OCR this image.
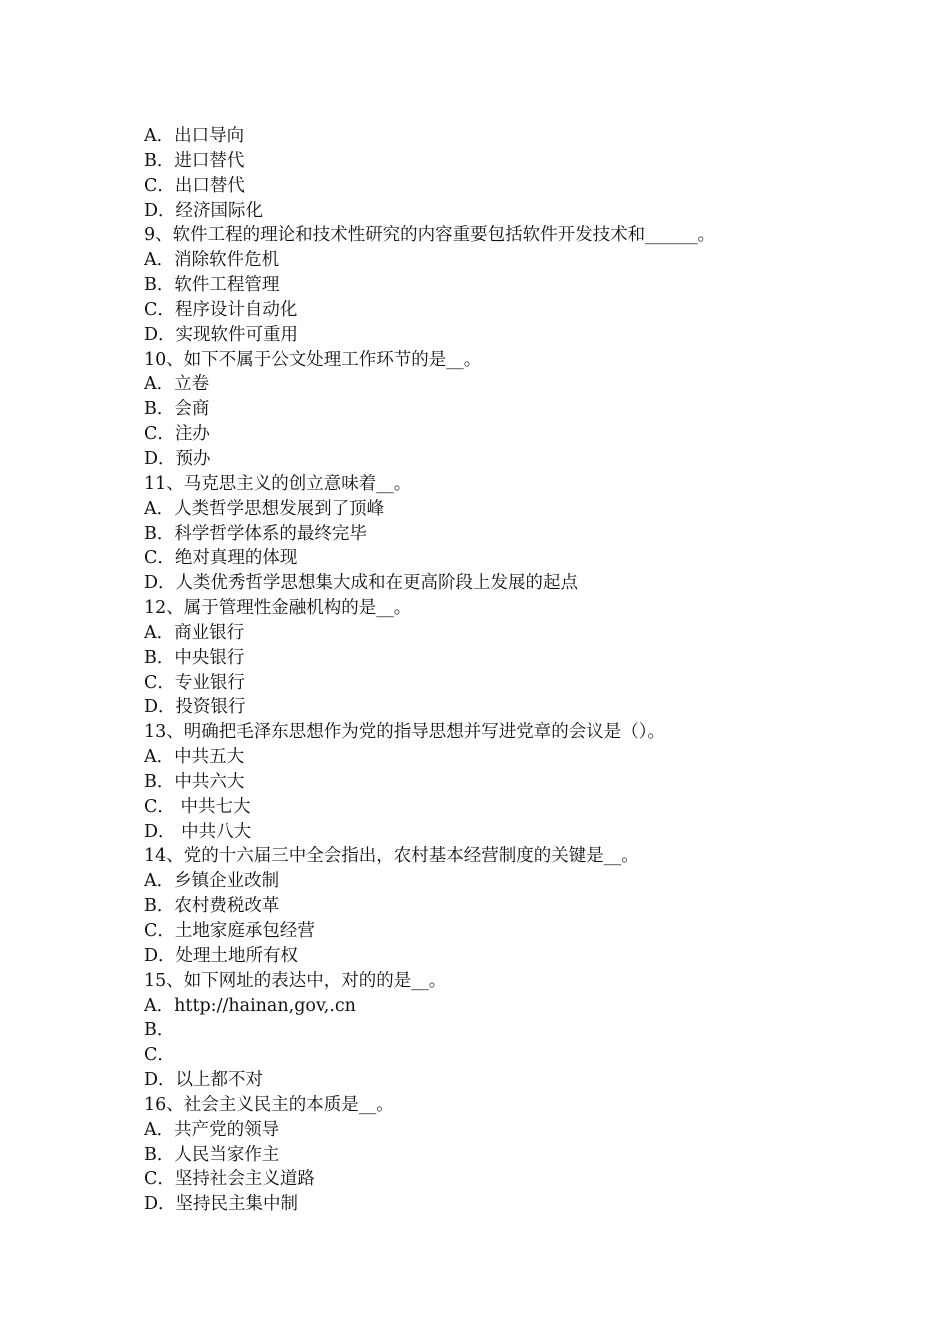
A．出口导向
B．进口替代
C．出口替代
D．经济国际化
9、软件工程的理论和技术性研究的内容重要包括软件开发技术和______。
A．消除软件危机
B．软件工程管理
C．程序设计自动化
D．实现软件可重用
10、如下不属于公文处理工作环节的是__。
A．立卷
B．会商
C．注办
D．预办
11、马克思主义的创立意味着__。
A．人类哲学思想发展到了顶峰
B．科学哲学体系的最终完毕
C．绝对真理的体现
D．人类优秀哲学思想集大成和在更高阶段上发展的起点
12、属于管理性金融机构的是__。
A．商业银行
B．中央银行
C．专业银行
D．投资银行
13、明确把毛泽东思想作为党的指导思想并写进党章的会议是（）。
A．中共五大
B．中共六大
C． 中共七大
D． 中共八大
14、党的十六届三中全会指出，农村基本经营制度的关键是__。
A．乡镇企业改制
B．农村费税改革
C．土地家庭承包经营
D．处理土地所有权
15、如下网址的表达中，对的的是__。
A．http://hainan,gov,.cn
B．
C．
D．以上都不对
16、社会主义民主的本质是__。
A．共产党的领导
B．人民当家作主
C．坚持社会主义道路
D．坚持民主集中制
